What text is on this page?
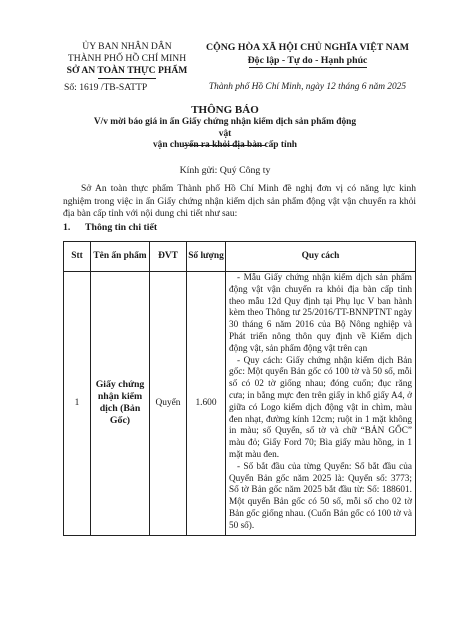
ỦY BAN NHÂN DÂN
THÀNH PHỐ HỒ CHÍ MINH
SỞ AN TOÀN THỰC PHẨM
Số: 1619 /TB-SATTP
CỘNG HÒA XÃ HỘI CHỦ NGHĨA VIỆT NAM
Độc lập - Tự do - Hạnh phúc
Thành phố Hồ Chí Minh, ngày 12 tháng 6 năm 2025
THÔNG BÁO
V/v mời báo giá in ấn Giấy chứng nhận kiểm dịch sản phẩm động vật
vận chuyển ra khỏi địa bàn cấp tỉnh
Kính gửi: Quý Công ty
Sở An toàn thực phẩm Thành phố Hồ Chí Minh đề nghị đơn vị có năng lực kinh nghiệm trong việc in ấn Giấy chứng nhận kiểm dịch sản phẩm động vật vận chuyển ra khỏi địa bàn cấp tỉnh với nội dung chi tiết như sau:
1. Thông tin chi tiết
Stt	Tên ấn phẩm	ĐVT	Số lượng	Quy cách
1	Giấy chứng nhận kiểm dịch (Bản Gốc)	Quyển	1.600	- Mẫu Giấy chứng nhận kiểm dịch sản phẩm động vật vận chuyển ra khỏi địa bàn cấp tỉnh theo mẫu 12d Quy định tại Phụ lục V ban hành kèm theo Thông tư 25/2016/TT-BNNPTNT ngày 30 tháng 6 năm 2016 của Bộ Nông nghiệp và Phát triển nông thôn quy định về Kiểm dịch động vật, sản phẩm động vật trên cạn

- Quy cách: Giấy chứng nhận kiểm dịch Bản gốc: Một quyển Bản gốc có 100 tờ và 50 số, mỗi số có 02 tờ giống nhau; đóng cuốn; đục răng cưa; in bằng mực đen trên giấy in khổ giấy A4, ở giữa có Logo kiểm dịch động vật in chìm, màu đen nhạt, đường kính 12cm; ruột in 1 mặt không in màu; số Quyển, số tờ và chữ “BẢN GỐC” màu đỏ; Giấy Ford 70; Bìa giấy màu hồng, in 1 mặt màu đen.

- Số bắt đầu của từng Quyển: Số bắt đầu của Quyển Bản gốc năm 2025 là: Quyển số: 3773; Số tờ Bản gốc năm 2025 bắt đầu từ: Số: 188601. Một quyển Bản gốc có 50 số, mỗi số cho 02 tờ Bản gốc giống nhau. (Cuốn Bản gốc có 100 tờ và 50 số).
